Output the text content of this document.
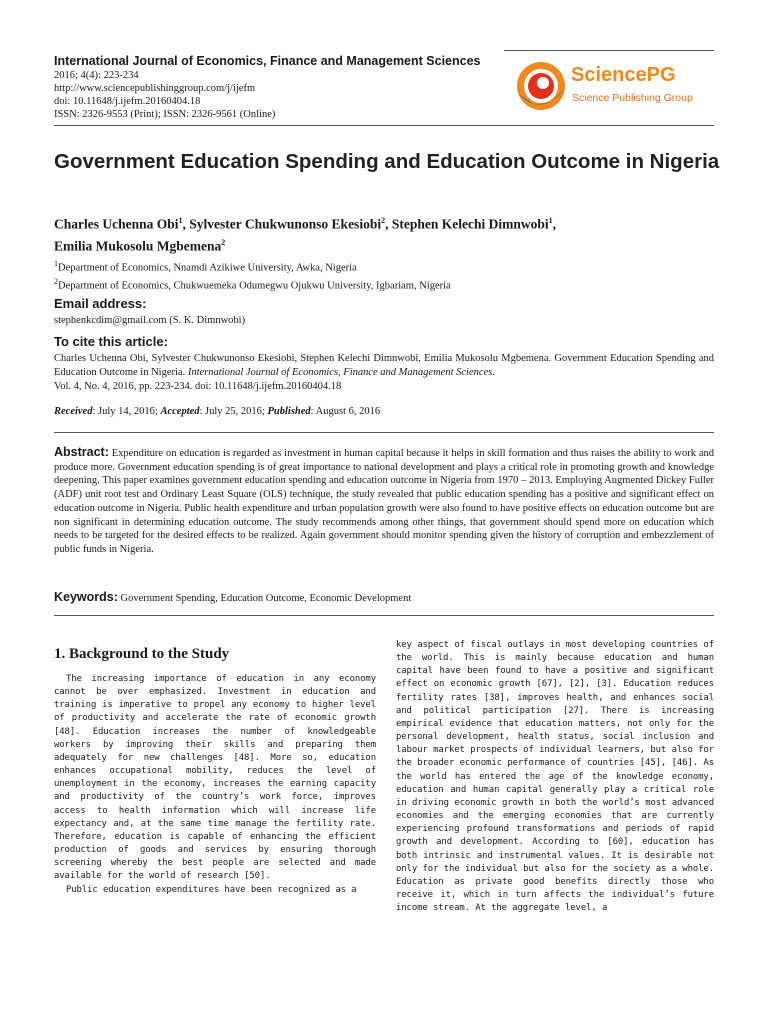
International Journal of Economics, Finance and Management Sciences
2016; 4(4): 223-234
http://www.sciencepublishinggroup.com/j/ijefm
doi: 10.11648/j.ijefm.20160404.18
ISSN: 2326-9553 (Print); ISSN: 2326-9561 (Online)
SciencePG
Science Publishing Group
Government Education Spending and Education Outcome in Nigeria
Charles Uchenna Obi$^1$, Sylvester Chukwunonso Ekesiobi$^2$, Stephen Kelechi Dimnwobi$^1$,
Emilia Mukosolu Mgbemena$^2$
$^1$Department of Economics, Nnamdi Azikiwe University, Awka, Nigeria
$^2$Department of Economics, Chukwuemeka Odumegwu Ojukwu University, Igbariam, Nigeria
Email address:
stephenkcdim@gmail.com (S. K. Dimnwobi)
To cite this article:
Charles Uchenna Obi, Sylvester Chukwunonso Ekesiobi, Stephen Kelechi Dimnwobi, Emilia Mukosolu Mgbemena. Government Education Spending and Education Outcome in Nigeria. International Journal of Economics, Finance and Management Sciences.
Vol. 4, No. 4, 2016, pp. 223-234. doi: 10.11648/j.ijefm.20160404.18
Received: July 14, 2016; Accepted: July 25, 2016; Published: August 6, 2016
Abstract: Expenditure on education is regarded as investment in human capital because it helps in skill formation and thus raises the ability to work and produce more. Government education spending is of great importance to national development and plays a critical role in promoting growth and knowledge deepening. This paper examines government education spending and education outcome in Nigeria from 1970 – 2013. Employing Augmented Dickey Fuller (ADF) unit root test and Ordinary Least Square (OLS) technique, the study revealed that public education spending has a positive and significant effect on education outcome in Nigeria. Public health expenditure and urban population growth were also found to have positive effects on education outcome but are non significant in determining education outcome. The study recommends among other things, that government should spend more on education which needs to be targeted for the desired effects to be realized. Again government should monitor spending given the history of corruption and embezzlement of public funds in Nigeria.
Keywords: Government Spending, Education Outcome, Economic Development
1. Background to the Study

The increasing importance of education in any economy cannot be over emphasized. Investment in education and training is imperative to propel any economy to higher level of productivity and accelerate the rate of economic growth [48]. Education increases the number of knowledgeable workers by improving their skills and preparing them adequately for new challenges [48]. More so, education enhances occupational mobility, reduces the level of unemployment in the economy, increases the earning capacity and productivity of the country’s work force, improves access to health information which will increase life expectancy and, at the same time manage the fertility rate. Therefore, education is capable of enhancing the efficient production of goods and services by ensuring thorough screening whereby the best people are selected and made available for the world of research [50].

Public education expenditures have been recognized as a

key aspect of fiscal outlays in most developing countries of the world. This is mainly because education and human capital have been found to have a positive and significant effect on economic growth [67], [2], [3]. Education reduces fertility rates [38], improves health, and enhances social and political participation [27]. There is increasing empirical evidence that education matters, not only for the personal development, health status, social inclusion and labour market prospects of individual learners, but also for the broader economic performance of countries [45], [46]. As the world has entered the age of the knowledge economy, education and human capital generally play a critical role in driving economic growth in both the world’s most advanced economies and the emerging economies that are currently experiencing profound transformations and periods of rapid growth and development. According to [60], education has both intrinsic and instrumental values. It is desirable not only for the individual but also for the society as a whole. Education as private good benefits directly those who receive it, which in turn affects the individual’s future income stream. At the aggregate level, a
